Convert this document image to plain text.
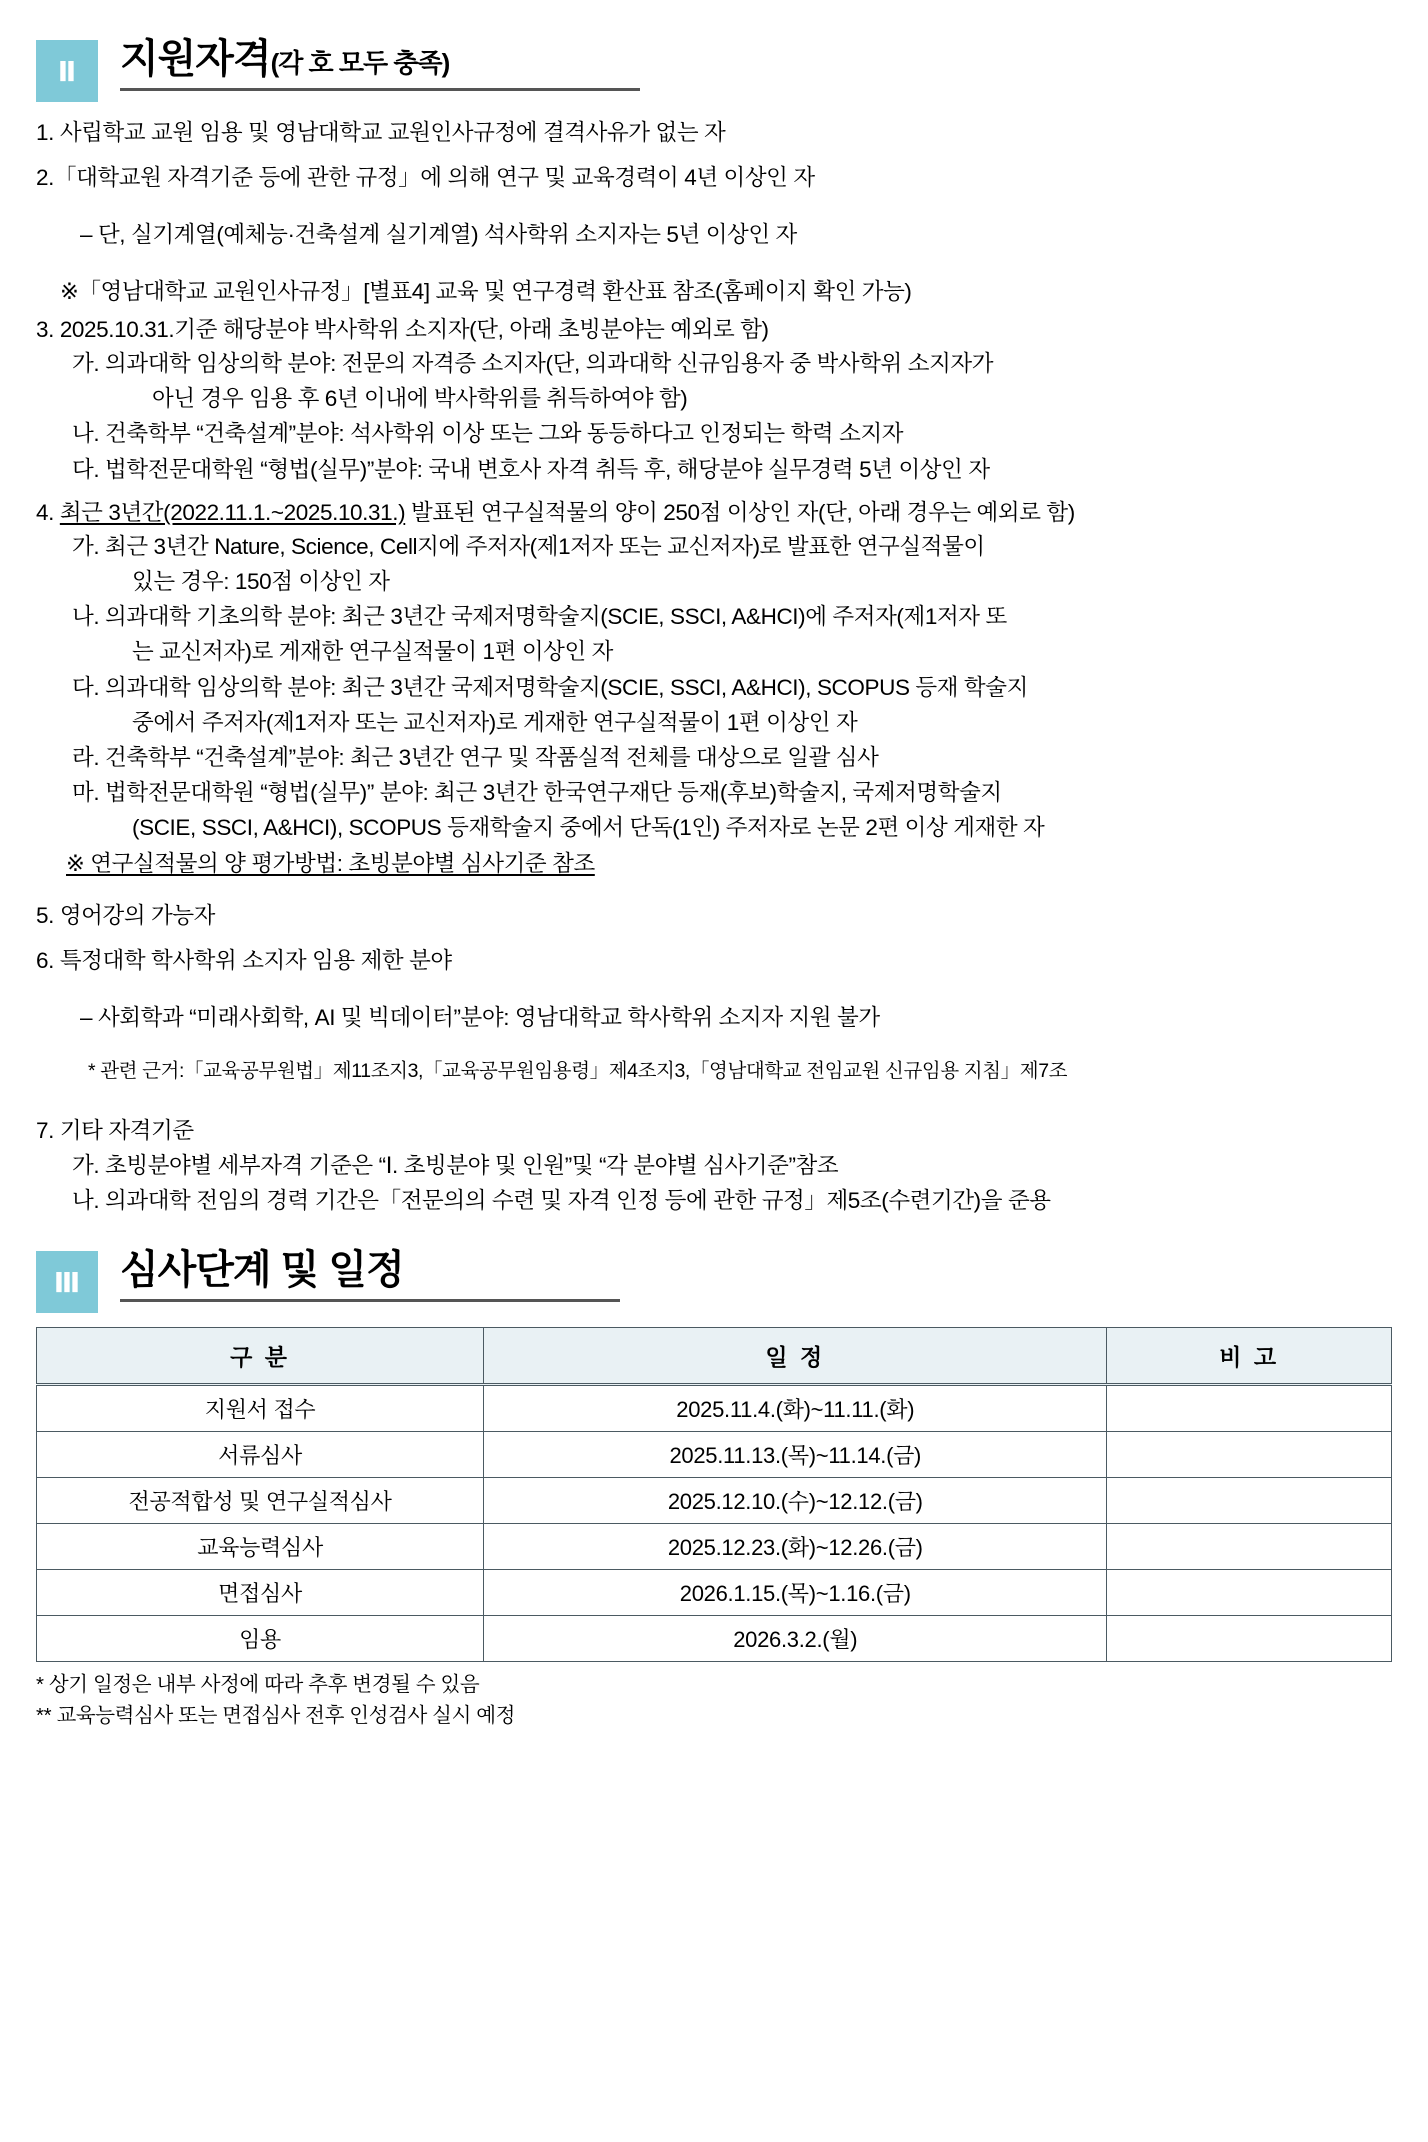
Ⅱ	지원자격(각 호 모두 충족)

1. 사립학교 교원 임용 및 영남대학교 교원인사규정에 결격사유가 없는 자

2.「대학교원 자격기준 등에 관한 규정」에 의해 연구 및 교육경력이 4년 이상인 자

– 단, 실기계열(예체능·건축설계 실기계열) 석사학위 소지자는 5년 이상인 자

※「영남대학교 교원인사규정」[별표4] 교육 및 연구경력 환산표 참조(홈페이지 확인 가능)

3. 2025.10.31.기준 해당분야 박사학위 소지자(단, 아래 초빙분야는 예외로 함)

가. 의과대학 임상의학 분야: 전문의 자격증 소지자(단, 의과대학 신규임용자 중 박사학위 소지자가

아닌 경우 임용 후 6년 이내에 박사학위를 취득하여야 함)

나. 건축학부 “건축설계”분야: 석사학위 이상 또는 그와 동등하다고 인정되는 학력 소지자

다. 법학전문대학원 “형법(실무)”분야: 국내 변호사 자격 취득 후, 해당분야 실무경력 5년 이상인 자

4. 최근 3년간(2022.11.1.~2025.10.31.) 발표된 연구실적물의 양이 250점 이상인 자(단, 아래 경우는 예외로 함)

가. 최근 3년간 Nature, Science, Cell지에 주저자(제1저자 또는 교신저자)로 발표한 연구실적물이

있는 경우: 150점 이상인 자

나. 의과대학 기초의학 분야: 최근 3년간 국제저명학술지(SCIE, SSCI, A&HCI)에 주저자(제1저자 또

는 교신저자)로 게재한 연구실적물이 1편 이상인 자

다. 의과대학 임상의학 분야: 최근 3년간 국제저명학술지(SCIE, SSCI, A&HCI), SCOPUS 등재 학술지

중에서 주저자(제1저자 또는 교신저자)로 게재한 연구실적물이 1편 이상인 자

라. 건축학부 “건축설계”분야: 최근 3년간 연구 및 작품실적 전체를 대상으로 일괄 심사

마. 법학전문대학원 “형법(실무)” 분야: 최근 3년간 한국연구재단 등재(후보)학술지, 국제저명학술지

(SCIE, SSCI, A&HCI), SCOPUS 등재학술지 중에서 단독(1인) 주저자로 논문 2편 이상 게재한 자

※ 연구실적물의 양 평가방법: 초빙분야별 심사기준 참조

5. 영어강의 가능자

6. 특정대학 학사학위 소지자 임용 제한 분야

– 사회학과 “미래사회학, AI 및 빅데이터”분야: 영남대학교 학사학위 소지자 지원 불가

* 관련 근거:「교육공무원법」제11조지3,「교육공무원임용령」제4조지3,「영남대학교 전임교원 신규임용 지침」제7조

7. 기타 자격기준

가. 초빙분야별 세부자격 기준은 “Ⅰ. 초빙분야 및 인원”및 “각 분야별 심사기준”참조

나. 의과대학 전임의 경력 기간은「전문의의 수련 및 자격 인정 등에 관한 규정」제5조(수련기간)을 준용

Ⅲ 심사단계 및 일정
구 분	일 정	비 고
지원서 접수	2025.11.4.(화)~11.11.(화)	
서류심사	2025.11.13.(목)~11.14.(금)	
전공적합성 및 연구실적심사	2025.12.10.(수)~12.12.(금)	
교육능력심사	2025.12.23.(화)~12.26.(금)	
면접심사	2026.1.15.(목)~1.16.(금)	
임용	2026.3.2.(월)	
* 상기 일정은 내부 사정에 따라 추후 변경될 수 있음
** 교육능력심사 또는 면접심사 전후 인성검사 실시 예정
